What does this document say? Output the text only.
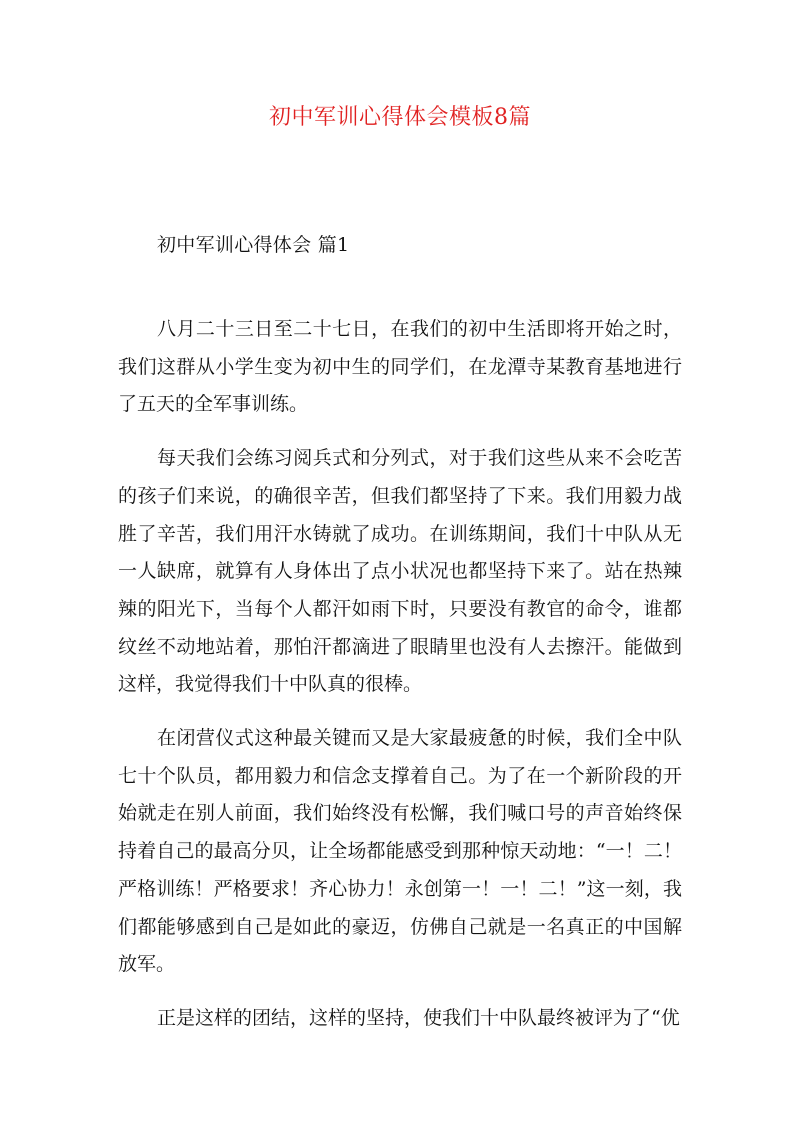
初中军训心得体会模板8篇
初中军训心得体会 篇1

八月二十三日至二十七日，在我们的初中生活即将开始之时，我们这群从小学生变为初中生的同学们，在龙潭寺某教育基地进行了五天的全军事训练。

每天我们会练习阅兵式和分列式，对于我们这些从来不会吃苦的孩子们来说，的确很辛苦，但我们都坚持了下来。我们用毅力战胜了辛苦，我们用汗水铸就了成功。在训练期间，我们十中队从无一人缺席，就算有人身体出了点小状况也都坚持下来了。站在热辣辣的阳光下，当每个人都汗如雨下时，只要没有教官的命令，谁都纹丝不动地站着，那怕汗都滴进了眼睛里也没有人去擦汗。能做到这样，我觉得我们十中队真的很棒。

在闭营仪式这种最关键而又是大家最疲惫的时候，我们全中队七十个队员，都用毅力和信念支撑着自己。为了在一个新阶段的开始就走在别人前面，我们始终没有松懈，我们喊口号的声音始终保持着自己的最高分贝，让全场都能感受到那种惊天动地：“一！二！严格训练！严格要求！齐心协力！永创第一！一！二！”这一刻，我们都能够感到自己是如此的豪迈，仿佛自己就是一名真正的中国解放军。

正是这样的团结，这样的坚持，使我们十中队最终被评为了“优
